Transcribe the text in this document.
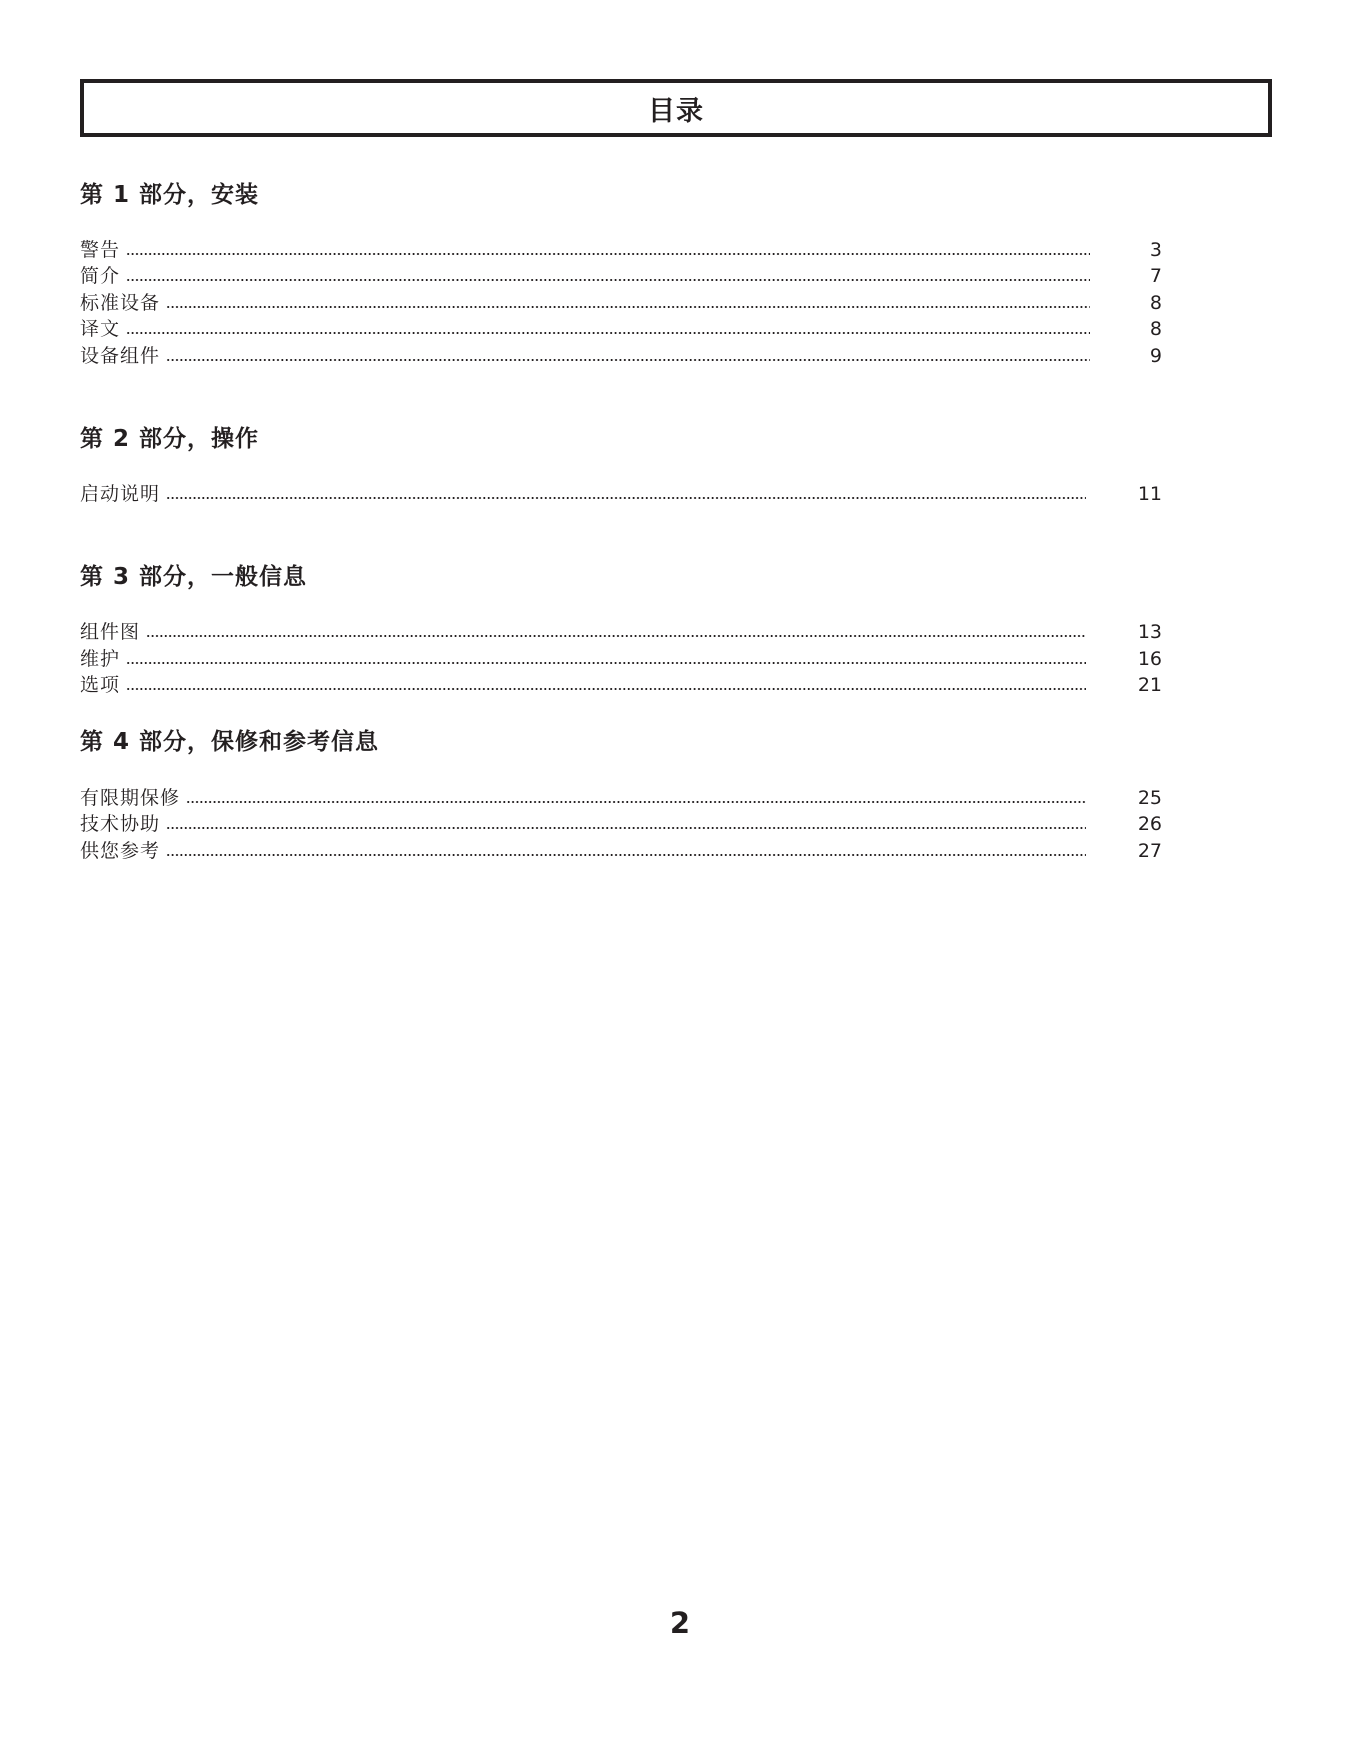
目录
第 1 部分，安装
警告	3
简介	7
标准设备	8
译文	8
设备组件	9
第 2 部分，操作
启动说明	11
第 3 部分，一般信息
组件图	13
维护	16
选项	21
第 4 部分，保修和参考信息
有限期保修	25
技术协助	26
供您参考	27
2
